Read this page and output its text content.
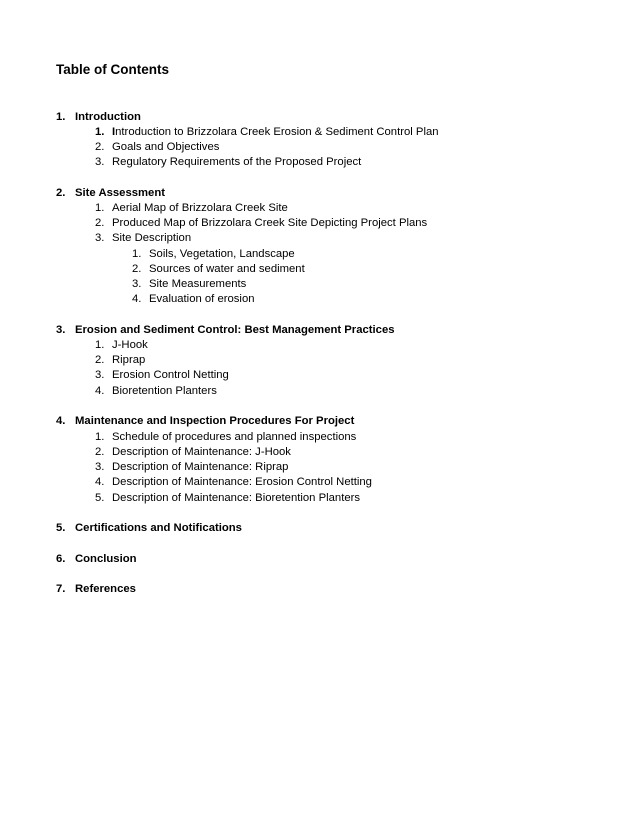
Table of Contents
1. Introduction
1. Introduction to Brizzolara Creek Erosion & Sediment Control Plan
2. Goals and Objectives
3. Regulatory Requirements of the Proposed Project
2. Site Assessment
1. Aerial Map of Brizzolara Creek Site
2. Produced Map of Brizzolara Creek Site Depicting Project Plans
3. Site Description
1. Soils, Vegetation, Landscape
2. Sources of water and sediment
3. Site Measurements
4. Evaluation of erosion
3. Erosion and Sediment Control: Best Management Practices
1. J-Hook
2. Riprap
3. Erosion Control Netting
4. Bioretention Planters
4. Maintenance and Inspection Procedures For Project
1. Schedule of procedures and planned inspections
2. Description of Maintenance: J-Hook
3. Description of Maintenance: Riprap
4. Description of Maintenance: Erosion Control Netting
5. Description of Maintenance: Bioretention Planters
5. Certifications and Notifications
6. Conclusion
7. References
